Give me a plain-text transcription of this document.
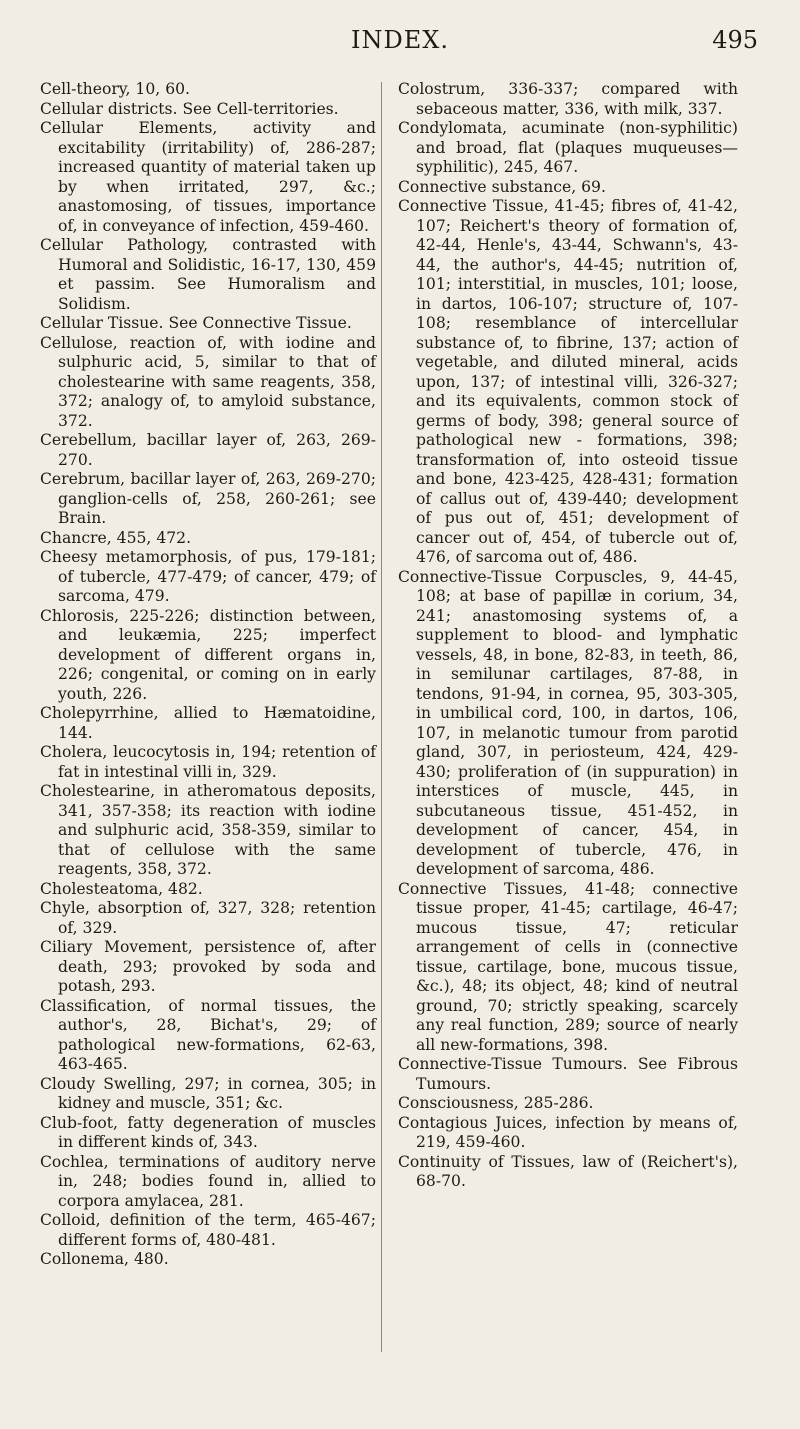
INDEX.	495

Cell-theory, 10, 60.

Cellular districts. See Cell-territories.

Cellular Elements, activity and excitability (irritability) of, 286-287; increased quantity of material taken up by when irritated, 297, &c.; anastomosing, of tissues, importance of, in conveyance of infection, 459-460.

Cellular Pathology, contrasted with Humoral and Solidistic, 16-17, 130, 459 et passim. See Humoralism and Solidism.

Cellular Tissue. See Connective Tissue.

Cellulose, reaction of, with iodine and sulphuric acid, 5, similar to that of cholestearine with same reagents, 358, 372; analogy of, to amyloid substance, 372.

Cerebellum, bacillar layer of, 263, 269-270.

Cerebrum, bacillar layer of, 263, 269-270; ganglion-cells of, 258, 260-261; see Brain.

Chancre, 455, 472.

Cheesy metamorphosis, of pus, 179-181; of tubercle, 477-479; of cancer, 479; of sarcoma, 479.

Chlorosis, 225-226; distinction between, and leukæmia, 225; imperfect development of different organs in, 226; congenital, or coming on in early youth, 226.

Cholepyrrhine, allied to Hæmatoidine, 144.

Cholera, leucocytosis in, 194; retention of fat in intestinal villi in, 329.

Cholestearine, in atheromatous deposits, 341, 357-358; its reaction with iodine and sulphuric acid, 358-359, similar to that of cellulose with the same reagents, 358, 372.

Cholesteatoma, 482.

Chyle, absorption of, 327, 328; retention of, 329.

Ciliary Movement, persistence of, after death, 293; provoked by soda and potash, 293.

Classification, of normal tissues, the author's, 28, Bichat's, 29; of pathological new-formations, 62-63, 463-465.

Cloudy Swelling, 297; in cornea, 305; in kidney and muscle, 351; &c.

Club-foot, fatty degeneration of muscles in different kinds of, 343.

Cochlea, terminations of auditory nerve in, 248; bodies found in, allied to corpora amylacea, 281.

Colloid, definition of the term, 465-467; different forms of, 480-481.

Collonema, 480.

Colostrum, 336-337; compared with sebaceous matter, 336, with milk, 337.

Condylomata, acuminate (non-syphilitic) and broad, flat (plaques muqueuses—syphilitic), 245, 467.

Connective substance, 69.

Connective Tissue, 41-45; fibres of, 41-42, 107; Reichert's theory of formation of, 42-44, Henle's, 43-44, Schwann's, 43-44, the author's, 44-45; nutrition of, 101; interstitial, in muscles, 101; loose, in dartos, 106-107; structure of, 107-108; resemblance of intercellular substance of, to fibrine, 137; action of vegetable, and diluted mineral, acids upon, 137; of intestinal villi, 326-327; and its equivalents, common stock of germs of body, 398; general source of pathological new - formations, 398; transformation of, into osteoid tissue and bone, 423-425, 428-431; formation of callus out of, 439-440; development of pus out of, 451; development of cancer out of, 454, of tubercle out of, 476, of sarcoma out of, 486.

Connective-Tissue Corpuscles, 9, 44-45, 108; at base of papillæ in corium, 34, 241; anastomosing systems of, a supplement to blood- and lymphatic vessels, 48, in bone, 82-83, in teeth, 86, in semilunar cartilages, 87-88, in tendons, 91-94, in cornea, 95, 303-305, in umbilical cord, 100, in dartos, 106, 107, in melanotic tumour from parotid gland, 307, in periosteum, 424, 429-430; proliferation of (in suppuration) in interstices of muscle, 445, in subcutaneous tissue, 451-452, in development of cancer, 454, in development of tubercle, 476, in development of sarcoma, 486.

Connective Tissues, 41-48; connective tissue proper, 41-45; cartilage, 46-47; mucous tissue, 47; reticular arrangement of cells in (connective tissue, cartilage, bone, mucous tissue, &c.), 48; its object, 48; kind of neutral ground, 70; strictly speaking, scarcely any real function, 289; source of nearly all new-formations, 398.

Connective-Tissue Tumours. See Fibrous Tumours.

Consciousness, 285-286.

Contagious Juices, infection by means of, 219, 459-460.

Continuity of Tissues, law of (Reichert's), 68-70.
